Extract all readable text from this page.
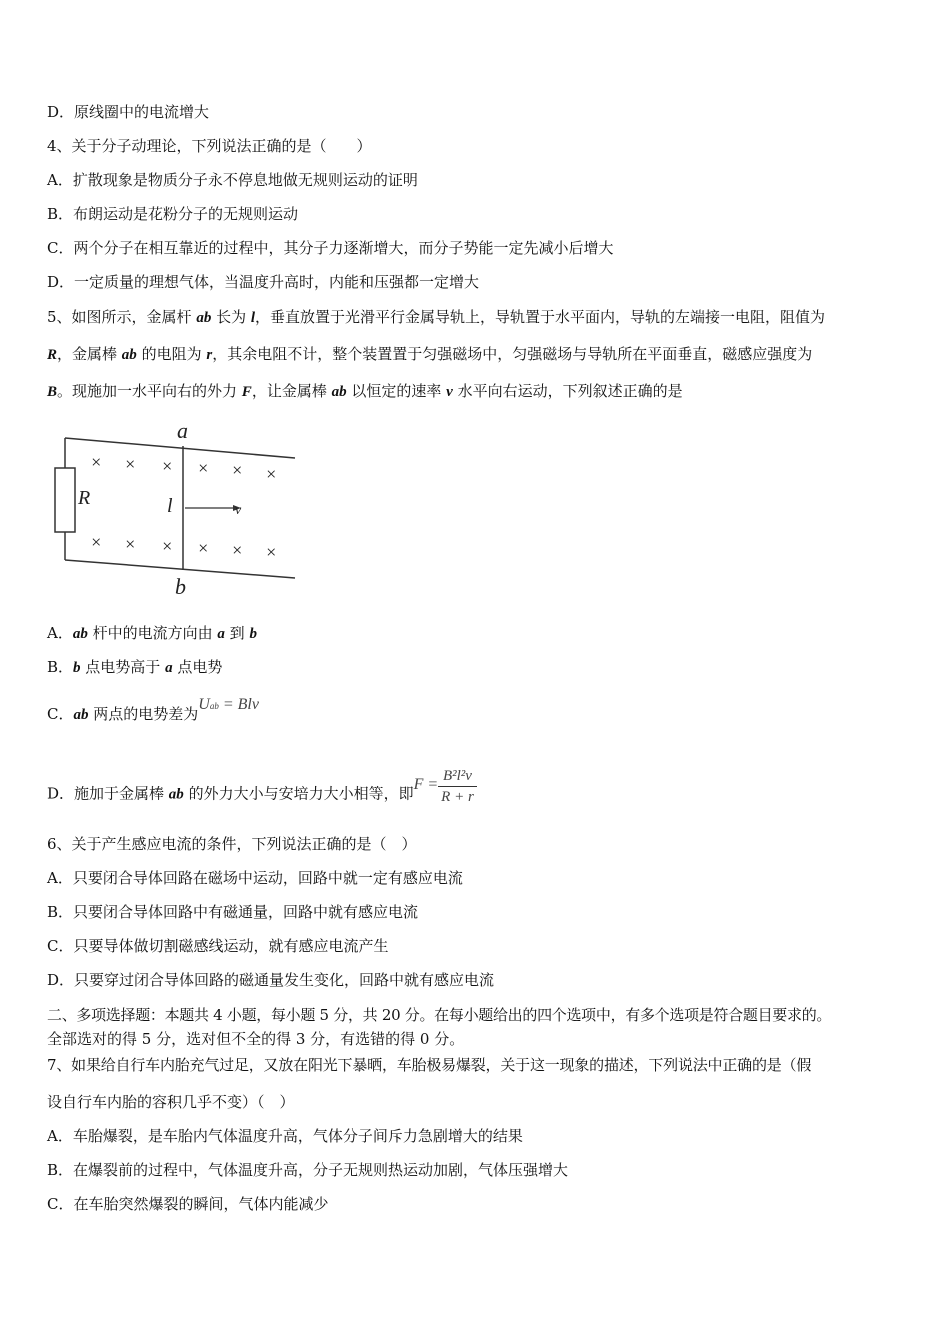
D．原线圈中的电流增大
4、关于分子动理论，下列说法正确的是（　　）
A．扩散现象是物质分子永不停息地做无规则运动的证明
B．布朗运动是花粉分子的无规则运动
C．两个分子在相互靠近的过程中，其分子力逐渐增大，而分子势能一定先减小后增大
D．一定质量的理想气体，当温度升高时，内能和压强都一定增大
5、如图所示，金属杆 ab 长为 l，垂直放置于光滑平行金属导轨上，导轨置于水平面内，导轨的左端接一电阻，阻值为
R，金属棒 ab 的电阻为 r，其余电阻不计，整个装置置于匀强磁场中，匀强磁场与导轨所在平面垂直，磁感应强度为
B。现施加一水平向右的外力 F，让金属棒 ab 以恒定的速率 v 水平向右运动，下列叙述正确的是
a
b
R	l	v
× × × × × ×
× × × × × ×
A．ab 杆中的电流方向由 a 到 b
B．b 点电势高于 a 点电势
C．ab 两点的电势差为Uab = Blv
D．施加于金属棒 ab 的外力大小与安培力大小相等，即$F = \frac{\text{B²l²v}}{R + r}$
6、关于产生感应电流的条件，下列说法正确的是（　）
A．只要闭合导体回路在磁场中运动，回路中就一定有感应电流
B．只要闭合导体回路中有磁通量，回路中就有感应电流
C．只要导体做切割磁感线运动，就有感应电流产生
D．只要穿过闭合导体回路的磁通量发生变化，回路中就有感应电流
二、多项选择题：本题共 4 小题，每小题 5 分，共 20 分。在每小题给出的四个选项中，有多个选项是符合题目要求的。
全部选对的得 5 分，选对但不全的得 3 分，有选错的得 0 分。
7、如果给自行车内胎充气过足，又放在阳光下暴晒，车胎极易爆裂，关于这一现象的描述，下列说法中正确的是（假
设自行车内胎的容积几乎不变）（　）
A．车胎爆裂，是车胎内气体温度升高，气体分子间斥力急剧增大的结果
B．在爆裂前的过程中，气体温度升高，分子无规则热运动加剧，气体压强增大
C．在车胎突然爆裂的瞬间，气体内能减少
